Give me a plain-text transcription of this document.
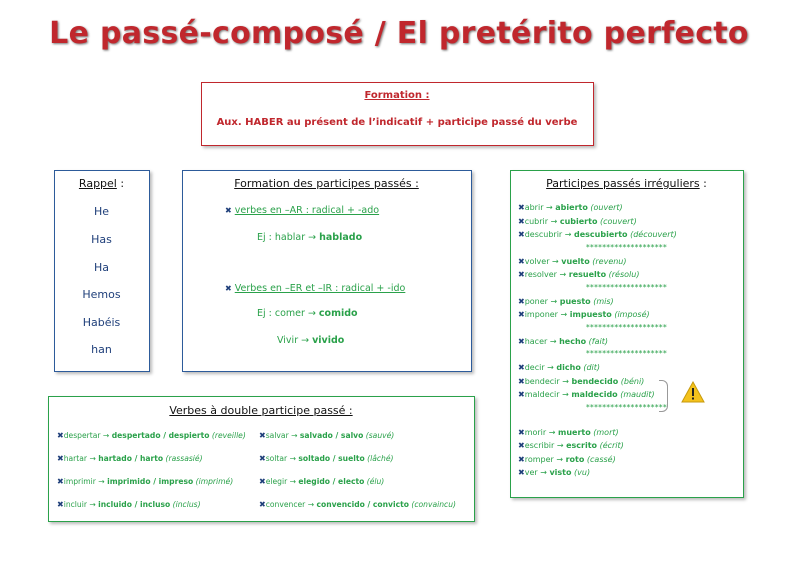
Le passé-composé / El pretérito perfecto
Formation :
Aux. HABER au présent de l’indicatif + participe passé du verbe
Rappel :
He
Has
Ha
Hemos
Habéis
han
Formation des participes passés :
✖ verbes en –AR : radical + -ado
Ej : hablar → hablado
✖ Verbes en –ER et –IR : radical + -ido
Ej : comer → comido
Vivir → vivido
Participes passés irréguliers :
✖abrir → abierto (ouvert)
✖cubrir → cubierto (couvert)
✖descubrir → descubierto (découvert)
********************
✖volver → vuelto (revenu)
✖resolver → resuelto (résolu)
********************
✖poner → puesto (mis)
✖imponer → impuesto (imposé)
********************
✖hacer → hecho (fait)
********************
✖decir → dicho (dit)
✖bendecir → bendecido (béni)
✖maldecir → maldecido (maudit)
********************
✖morir → muerto (mort)
✖escribir → escrito (écrit)
✖romper → roto (cassé)
✖ver → visto (vu)
Verbes à double participe passé :
✖despertar → despertado / despierto (reveille)
✖hartar → hartado / harto (rassasié)
✖imprimir → imprimido / impreso (imprimé)
✖incluir → incluido / incluso (inclus)
✖salvar → salvado / salvo (sauvé)
✖soltar → soltado / suelto (lâché)
✖elegir → elegido / electo (élu)
✖convencer → convencido / convicto (convaincu)
